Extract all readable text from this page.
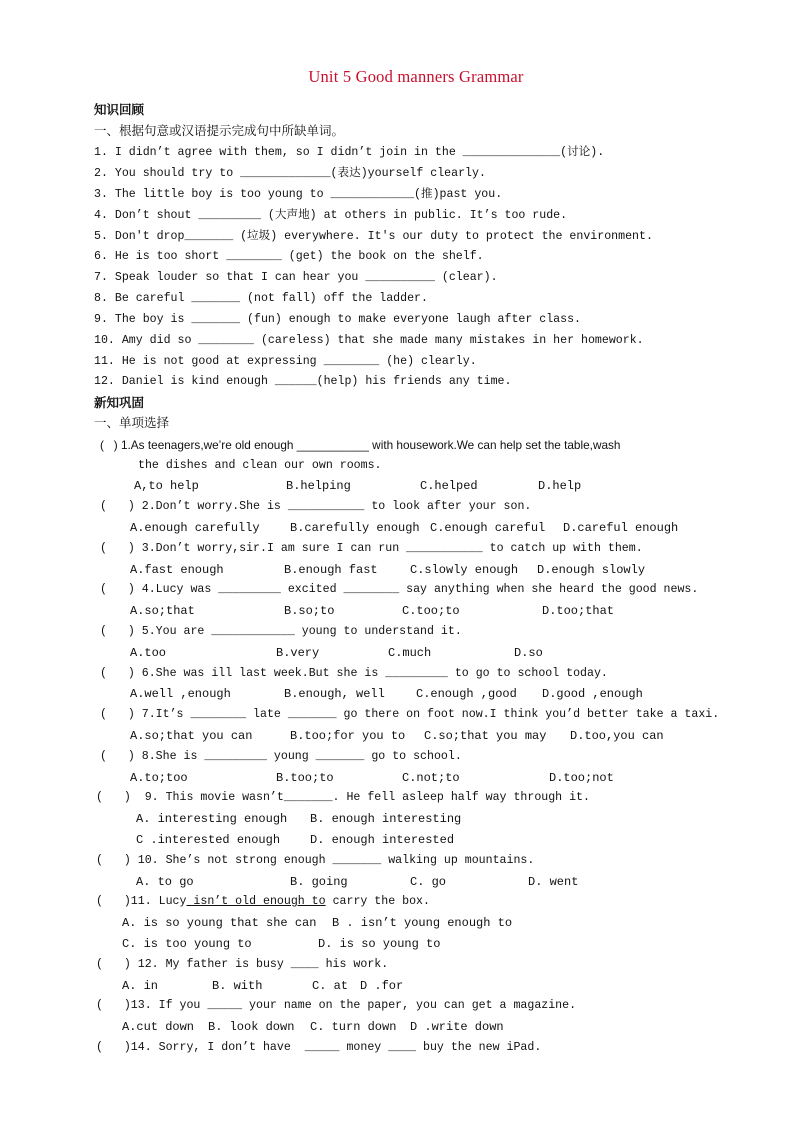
Unit 5 Good manners Grammar
知识回顾
一、根据句意或汉语提示完成句中所缺单词。
1. I didn’t agree with them, so I didn’t join in the ______________(讨论).
2. You should try to _____________(表达)yourself clearly.
3. The little boy is too young to ____________(推)past you.
4. Don’t shout _________ (大声地) at others in public. It’s too rude.
5. Don't drop_______ (垃圾) everywhere. It's our duty to protect the environment.
6. He is too short ________ (get) the book on the shelf.
7. Speak louder so that I can hear you __________ (clear).
8. Be careful _______ (not fall) off the ladder.
9. The boy is _______ (fun) enough to make everyone laugh after class.
10. Amy did so ________ (careless) that she made many mistakes in her homework.
11. He is not good at expressing ________ (he) clearly.
12. Daniel is kind enough ______(help) his friends any time.
新知巩固
一、单项选择
(   ) 1.As teenagers,we’re old enough ___________ with housework.We can help set the table,wash
the dishes and clean our own rooms.
A,to help	B.helping	C.helped	D.help
(   ) 2.Don’t worry.She is ___________ to look after your son.
A.enough carefully	B.carefully enough C.enough careful D.careful enough
(   ) 3.Don’t worry,sir.I am sure I can run ___________ to catch up with them.
A.fast enough	B.enough fast	C.slowly enough D.enough slowly
(   ) 4.Lucy was _________ excited ________ say anything when she heard the good news.
A.so;that	B.so;to	C.too;to	D.too;that
(   ) 5.You are ____________ young to understand it.
A.too	B.very	C.much	D.so
(   ) 6.She was ill last week.But she is _________ to go to school today.
A.well ,enough	B.enough, well	C.enough ,good D.good ,enough
(   ) 7.It’s ________ late _______ go there on foot now.I think you’d better take a taxi.
A.so;that you can	B.too;for you to C.so;that you may D.too,you can
(   ) 8.She is _________ young _______ go to school.
A.to;too	B.too;to	C.not;to	D.too;not
(   )  9. This movie wasn’t_______. He fell asleep half way through it.
A. interesting enough B. enough interesting
C .interested enough D. enough interested
(   ) 10. She’s not strong enough _______ walking up mountains.
A. to go	B. going	C. go	D. went
(   )11. Lucy isn’t old enough to carry the box.
A. is so young that she can B . isn’t young enough to
C. is too young to	D. is so young to
(   ) 12. My father is busy ____ his work.
A. in	B. with	C. at D .for
(   )13. If you _____ your name on the paper, you can get a magazine.
A.cut down B. look down C. turn down D .write down
(   )14. Sorry, I don’t have  _____ money ____ buy the new iPad.
